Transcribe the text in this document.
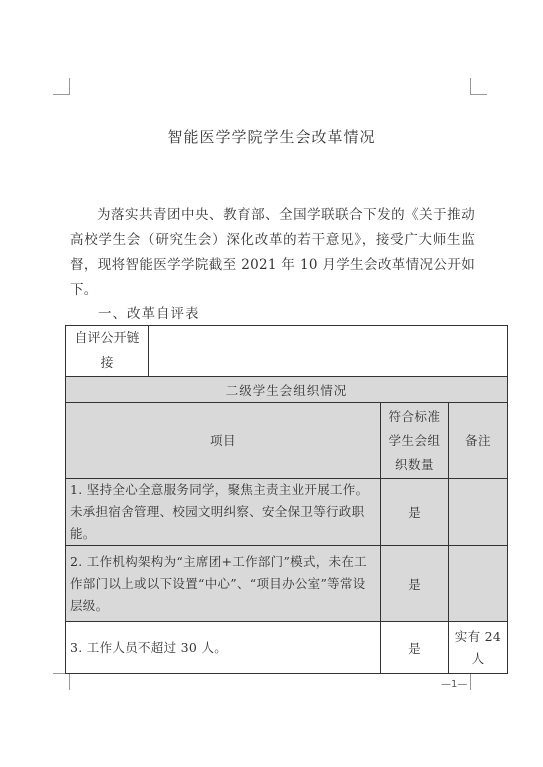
智能医学学院学生会改革情况
为落实共青团中央、教育部、全国学联联合下发的《关于推动高校学生会（研究生会）深化改革的若干意见》，接受广大师生监督，现将智能医学学院截至 2021 年 10 月学生会改革情况公开如下。
一、改革自评表
自评公开链接			
二级学生会组织情况			
项目		符合标准学生会组织数量	备注
1. 坚持全心全意服务同学，聚焦主责主业开展工作。未承担宿舍管理、校园文明纠察、安全保卫等行政职能。		是	
2. 工作机构架构为“主席团+工作部门”模式，未在工作部门以上或以下设置“中心”、“项目办公室”等常设层级。		是	
3. 工作人员不超过 30 人。		是	实有 24 人
—1—
